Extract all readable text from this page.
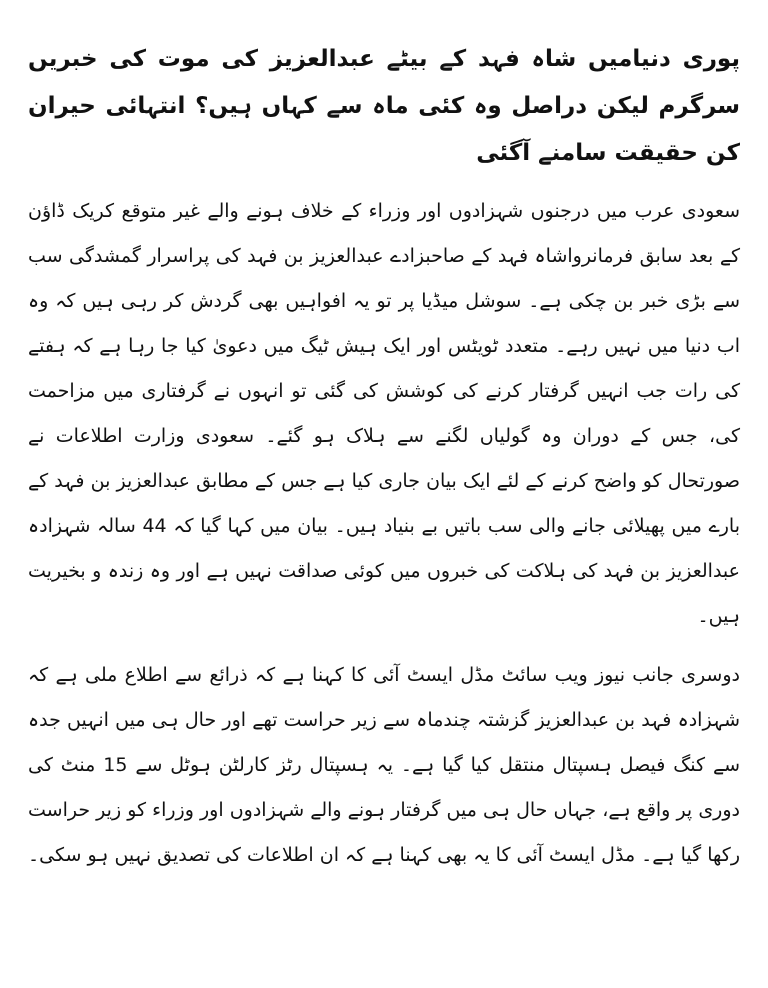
پوری دنیامیں شاہ فہد کے بیٹے عبدالعزیز کی موت کی خبریں سرگرم لیکن دراصل وہ کئی ماہ سے کہاں ہیں؟ انتہائی حیران کن حقیقت سامنے آگئی

سعودی عرب میں درجنوں شہزادوں اور وزراء کے خلاف ہونے والے غیر متوقع کریک ڈاؤن کے بعد سابق فرمانرواشاہ فہد کے صاحبزادے عبدالعزیز بن فہد کی پراسرار گمشدگی سب سے بڑی خبر بن چکی ہے۔ سوشل میڈیا پر تو یہ افواہیں بھی گردش کر رہی ہیں کہ وہ اب دنیا میں نہیں رہے۔ متعدد ٹویٹس اور ایک ہیش ٹیگ میں دعویٰ کیا جا رہا ہے کہ ہفتے کی رات جب انہیں گرفتار کرنے کی کوشش کی گئی تو انہوں نے گرفتاری میں مزاحمت کی، جس کے دوران وہ گولیاں لگنے سے ہلاک ہو گئے۔ سعودی وزارت اطلاعات نے صورتحال کو واضح کرنے کے لئے ایک بیان جاری کیا ہے جس کے مطابق عبدالعزیز بن فہد کے بارے میں پھیلائی جانے والی سب باتیں بے بنیاد ہیں۔ بیان میں کہا گیا کہ 44 سالہ شہزادہ عبدالعزیز بن فہد کی ہلاکت کی خبروں میں کوئی صداقت نہیں ہے اور وہ زندہ و بخیریت ہیں۔

دوسری جانب نیوز ویب سائٹ مڈل ایسٹ آئی کا کہنا ہے کہ ذرائع سے اطلاع ملی ہے کہ شہزادہ فہد بن عبدالعزیز گزشتہ چندماہ سے زیر حراست تھے اور حال ہی میں انہیں جدہ سے کنگ فیصل ہسپتال منتقل کیا گیا ہے۔ یہ ہسپتال رٹز کارلٹن ہوٹل سے 15 منٹ کی دوری پر واقع ہے، جہاں حال ہی میں گرفتار ہونے والے شہزادوں اور وزراء کو زیر حراست رکھا گیا ہے۔ مڈل ایسٹ آئی کا یہ بھی کہنا ہے کہ ان اطلاعات کی تصدیق نہیں ہو سکی۔
